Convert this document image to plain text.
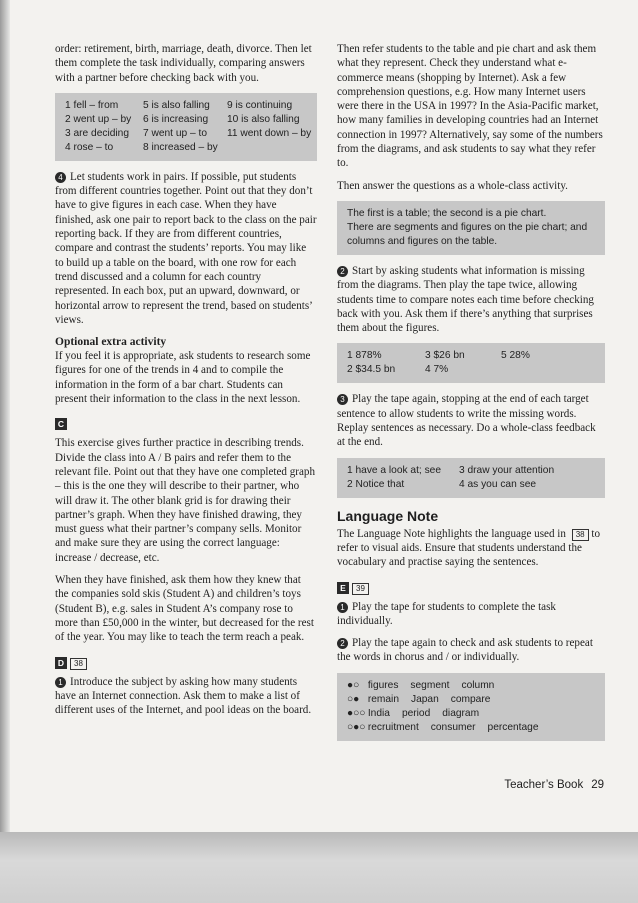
order: retirement, birth, marriage, death, divorce. Then let them complete the task individually, comparing answers with a partner before checking back with you.

1 fell – from	5 is also falling	9 is continuing
2 went up – by	6 is increasing	10 is also falling
3 are deciding	7 went up – to	11 went down – by
4 rose – to	8 increased – by

4 Let students work in pairs. If possible, put students from different countries together. Point out that they don’t have to give figures in each case. When they have finished, ask one pair to report back to the class on the pair reporting back. If they are from different countries, compare and contrast the students’ reports. You may like to build up a table on the board, with one row for each trend discussed and a column for each country represented. In each box, put an upward, downward, or horizontal arrow to represent the trend, based on students’ views.

Optional extra activity

If you feel it is appropriate, ask students to research some figures for one of the trends in 4 and to compile the information in the form of a bar chart. Students can present their information to the class in the next lesson.

C

This exercise gives further practice in describing trends. Divide the class into A / B pairs and refer them to the relevant file. Point out that they have one completed graph – this is the one they will describe to their partner, who will draw it. The other blank grid is for drawing their partner’s graph. When they have finished drawing, they must guess what their partner’s company sells. Monitor and make sure they are using the correct language: increase / decrease, etc.

When they have finished, ask them how they knew that the companies sold skis (Student A) and children’s toys (Student B), e.g. sales in Student A’s company rose to more than £50,000 in the winter, but decreased for the rest of the year. You may like to teach the term reach a peak.

D 38

1 Introduce the subject by asking how many students have an Internet connection. Ask them to make a list of different uses of the Internet, and pool ideas on the board.

Then refer students to the table and pie chart and ask them what they represent. Check they understand what e-commerce means (shopping by Internet). Ask a few comprehension questions, e.g. How many Internet users were there in the USA in 1997? In the Asia-Pacific market, how many families in developing countries had an Internet connection in 1997? Alternatively, say some of the numbers from the diagrams, and ask students to say what they refer to.

Then answer the questions as a whole-class activity.

The first is a table; the second is a pie chart.
There are segments and figures on the pie chart; and
columns and figures on the table.

2 Start by asking students what information is missing from the diagrams. Then play the tape twice, allowing students time to compare notes each time before checking back with you. Ask them if there’s anything that surprises them about the figures.

1 878%	3 $26 bn	5 28%
2 $34.5 bn	4 7%

3 Play the tape again, stopping at the end of each target sentence to allow students to write the missing words. Replay sentences as necessary. Do a whole-class feedback at the end.

1 have a look at; see	3 draw your attention
2 Notice that	4 as you can see
Language Note

The Language Note highlights the language used in 38 to refer to visual aids. Ensure that students understand the vocabulary and practise saying the sentences.

E 39

1 Play the tape for students to complete the task individually.

2 Play the tape again to check and ask students to repeat the words in chorus and / or individually.

●○ figures segment column
○● remain Japan compare
●○○ India period diagram
○●○ recruitment consumer percentage
Teacher’s Book 29
